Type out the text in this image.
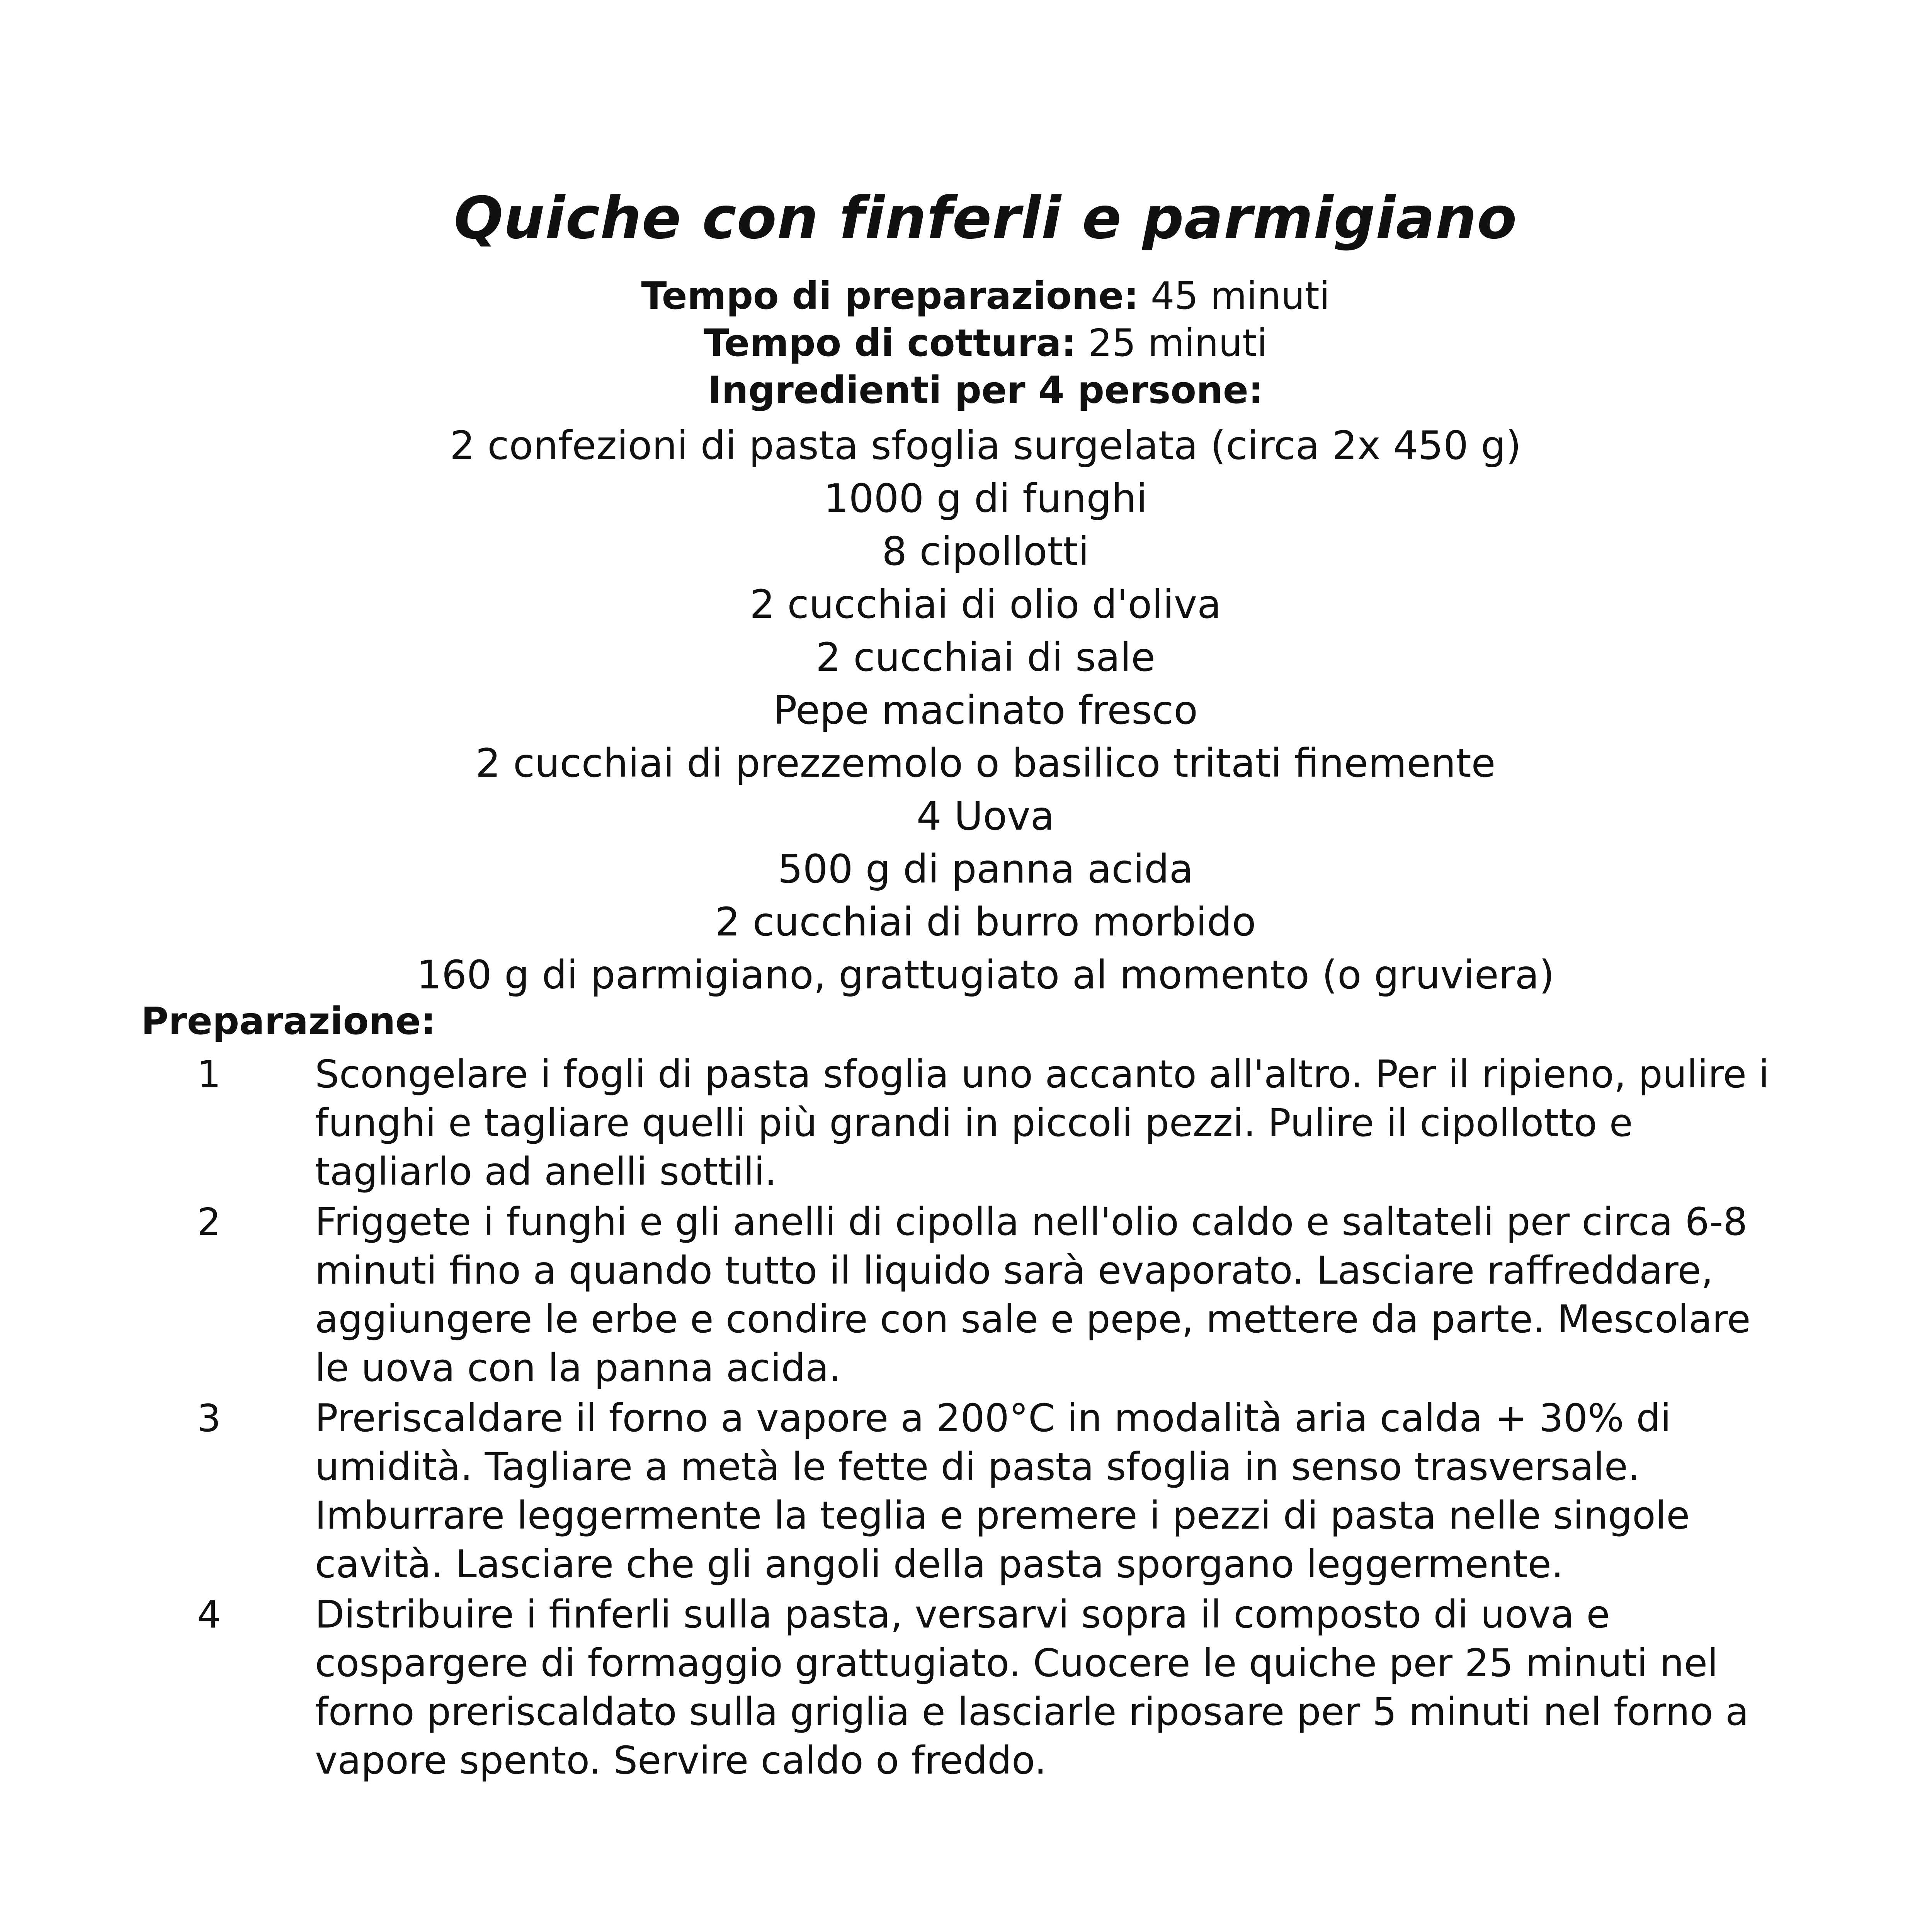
Quiche con finferli e parmigiano
Tempo di preparazione: 45 minuti
Tempo di cottura: 25 minuti
Ingredienti per 4 persone:
2 confezioni di pasta sfoglia surgelata (circa 2x 450 g)
1000 g di funghi
8 cipollotti
2 cucchiai di olio d'oliva
2 cucchiai di sale
Pepe macinato fresco
2 cucchiai di prezzemolo o basilico tritati finemente
4 Uova
500 g di panna acida
2 cucchiai di burro morbido
160 g di parmigiano, grattugiato al momento (o gruviera)
Preparazione:
1 Scongelare i fogli di pasta sfoglia uno accanto all'altro. Per il ripieno, pulire i funghi e tagliare quelli più grandi in piccoli pezzi. Pulire il cipollotto e tagliarlo ad anelli sottili.
2 Friggete i funghi e gli anelli di cipolla nell'olio caldo e saltateli per circa 6-8 minuti fino a quando tutto il liquido sarà evaporato. Lasciare raffreddare, aggiungere le erbe e condire con sale e pepe, mettere da parte. Mescolare le uova con la panna acida.
3 Preriscaldare il forno a vapore a 200°C in modalità aria calda + 30% di umidità. Tagliare a metà le fette di pasta sfoglia in senso trasversale. Imburrare leggermente la teglia e premere i pezzi di pasta nelle singole cavità. Lasciare che gli angoli della pasta sporgano leggermente.
4 Distribuire i finferli sulla pasta, versarvi sopra il composto di uova e cospargere di formaggio grattugiato. Cuocere le quiche per 25 minuti nel forno preriscaldato sulla griglia e lasciarle riposare per 5 minuti nel forno a vapore spento. Servire caldo o freddo.
